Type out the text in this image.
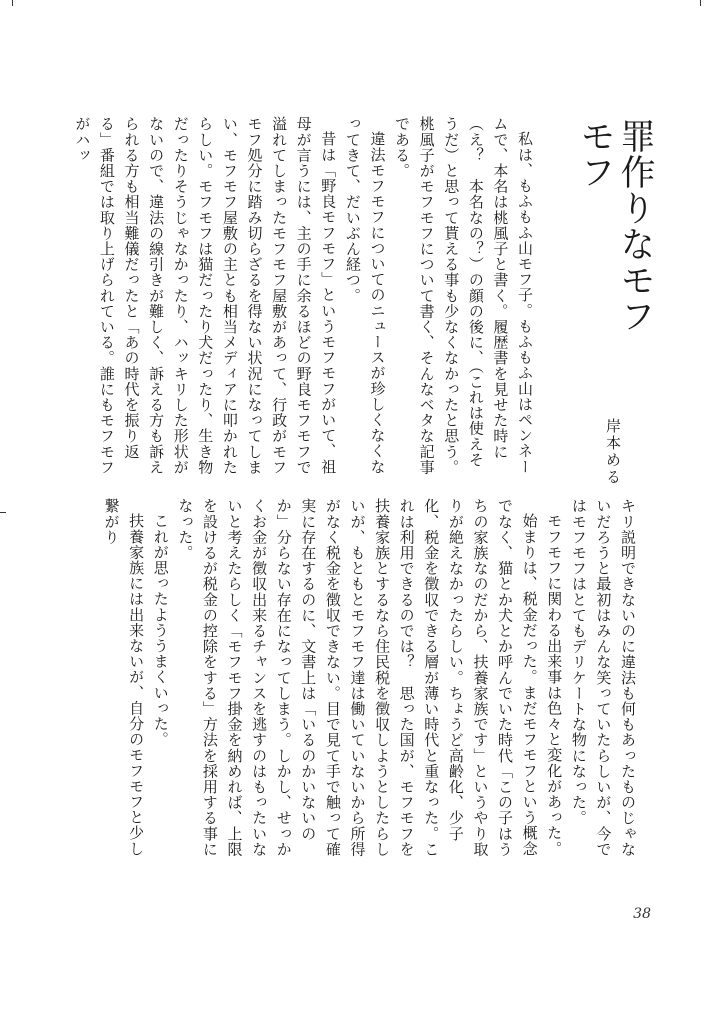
罪作りなモフモフ
岸本める

私は、もふもふ山モフ子。もふもふ山はペンネームで、本名は桃風子と書く。履歴書を見せた時に（え？　本名なの？）の顔の後に、（これは使えそうだ）と思って貰える事も少なくなかったと思う。桃風子がモフモフについて書く、そんなベタな記事である。

違法モフモフについてのニュースが珍しくなくなってきて、だいぶん経つ。

昔は「野良モフモフ」というモフモフがいて、祖母が言うには、主の手に余るほどの野良モフモフで溢れてしまったモフモフ屋敷があって、行政がモフモフ処分に踏み切らざるを得ない状況になってしまい、モフモフ屋敷の主とも相当メディアに叩かれたらしい。モフモフは猫だったり犬だったり、生き物だったりそうじゃなかったり、ハッキリした形状がないので、違法の線引きが難しく、訴える方も訴えられる方も相当難儀だったと「あの時代を振り返る」番組では取り上げられている。誰にもモフモフがハッ

キリ説明できないのに違法も何もあったものじゃないだろうと最初はみんな笑っていたらしいが、今ではモフモフはとてもデリケートな物になった。

モフモフに関わる出来事は色々と変化があった。

始まりは、税金だった。まだモフモフという概念でなく、猫とか犬とか呼んでいた時代「この子はうちの家族なのだから、扶養家族です」というやり取りが絶えなかったらしい。ちょうど高齢化、少子化、税金を徴収できる層が薄い時代と重なった。これは利用できるのでは？　思った国が、モフモフを扶養家族とするなら住民税を徴収しようとしたらしいが、もともとモフモフ達は働いていないから所得がなく税金を徴収できない。目で見て手で触って確実に存在するのに、文書上は「いるのかいないのか」分らない存在になってしまう。しかし、せっかくお金が徴収出来るチャンスを逃すのはもったいないと考えたらしく「モフモフ掛金を納めれば、上限を設けるが税金の控除をする」方法を採用する事になった。

これが思ったよううまくいった。

扶養家族には出来ないが、自分のモフモフと少し繋がり

38
